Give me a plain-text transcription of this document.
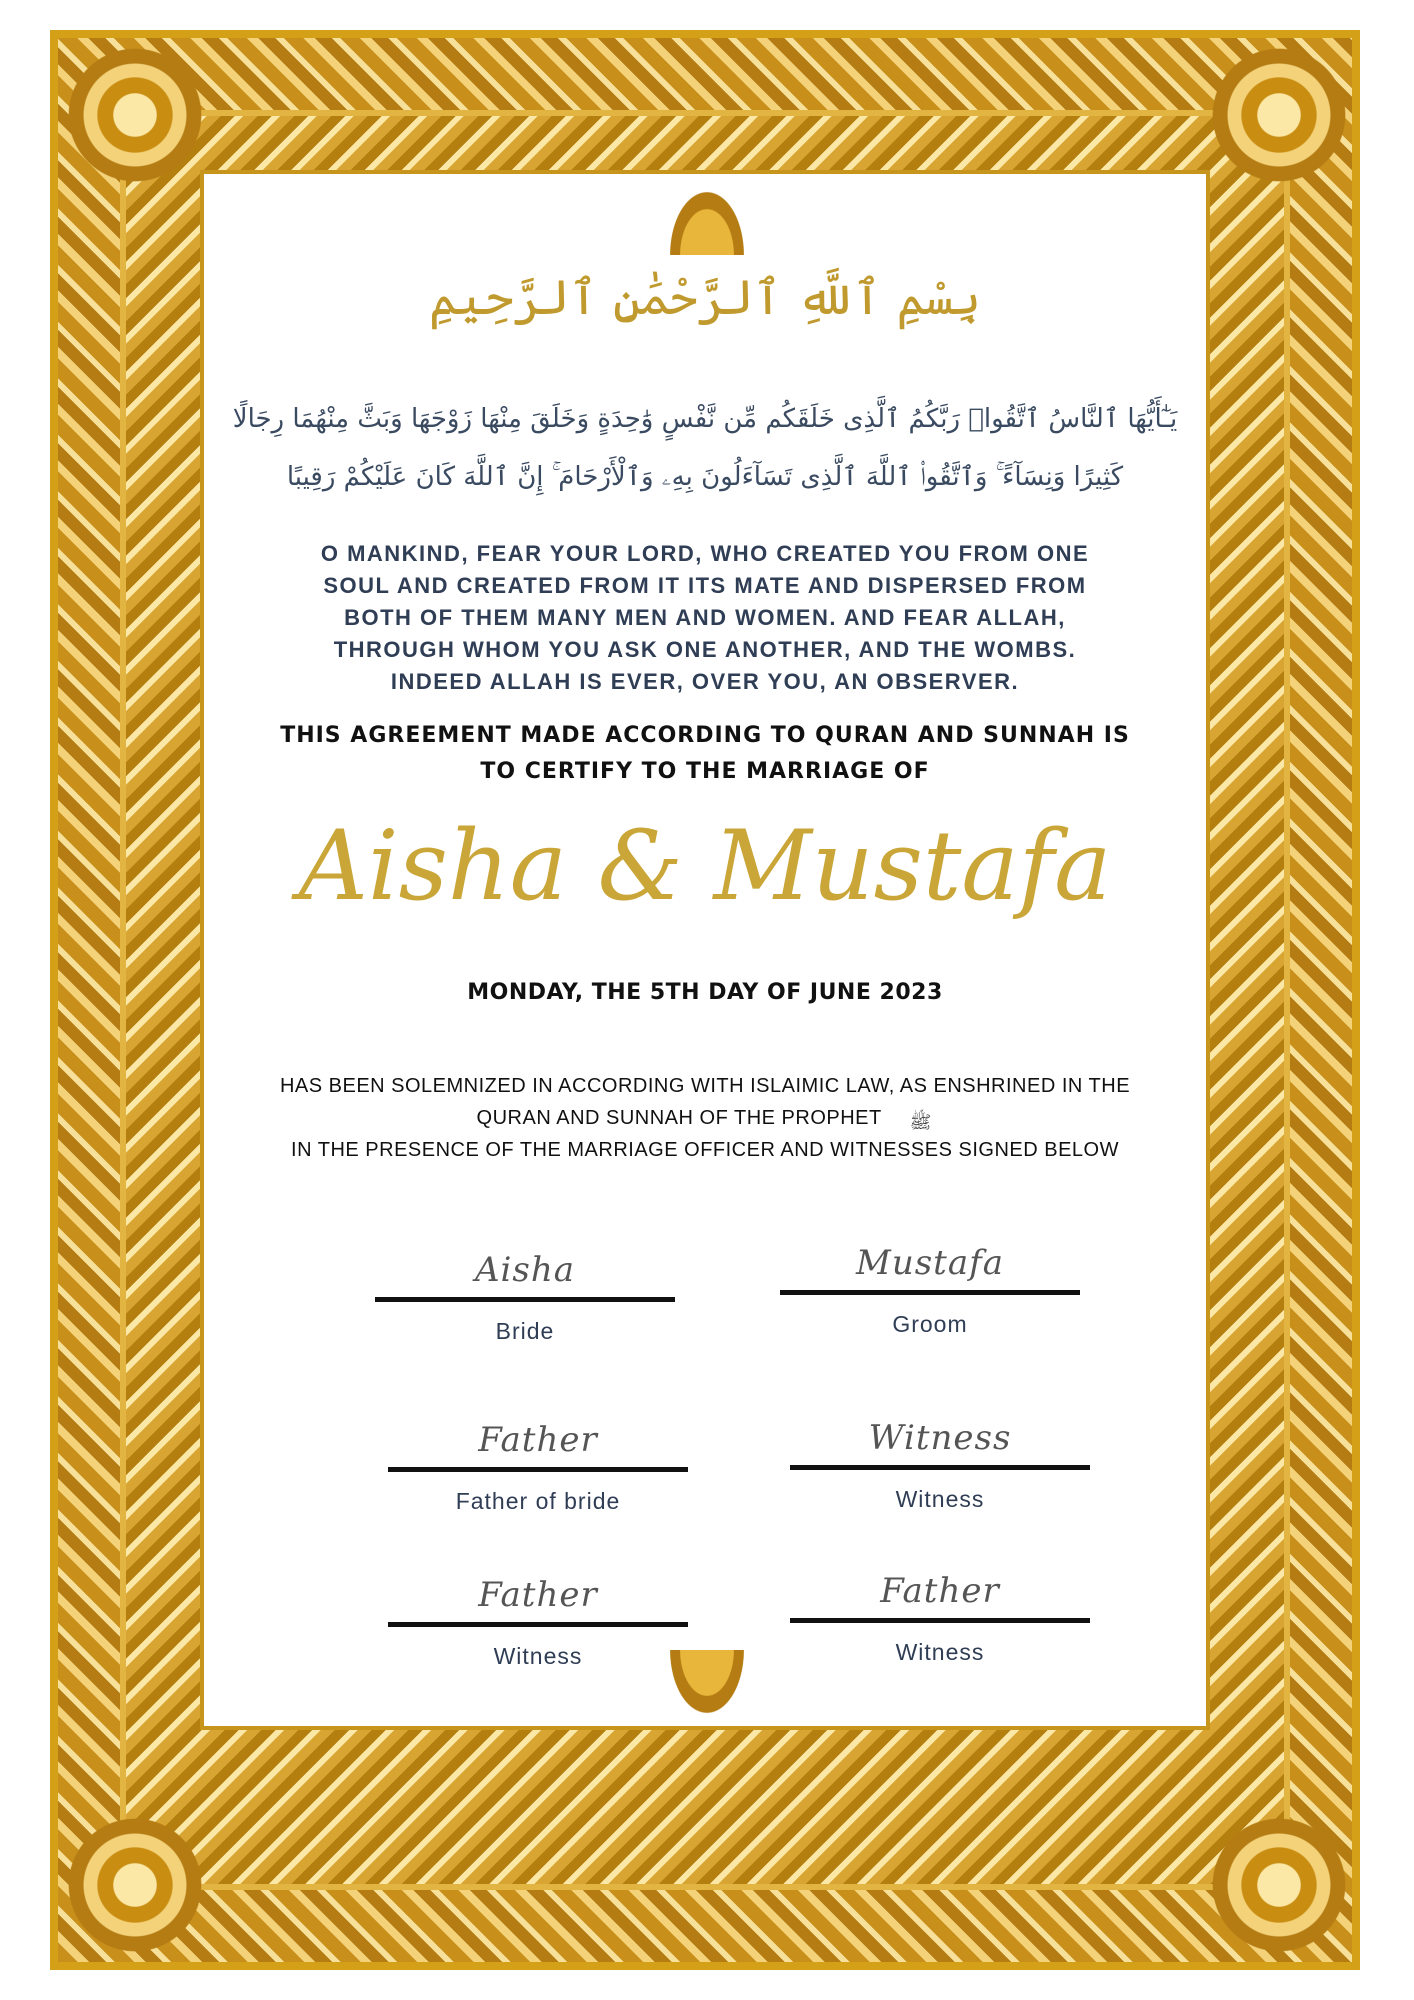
بِسْمِ ٱللَّهِ ٱلرَّحْمَٰنِ ٱلرَّحِيمِ
يَـٰٓأَيُّهَا ٱلنَّاسُ ٱتَّقُوا۟ رَبَّكُمُ ٱلَّذِى خَلَقَكُم مِّن نَّفْسٍ وَٰحِدَةٍ وَخَلَقَ مِنْهَا زَوْجَهَا وَبَثَّ مِنْهُمَا رِجَالًا
كَثِيرًا وَنِسَآءً ۚ وَٱتَّقُوا۟ ٱللَّهَ ٱلَّذِى تَسَآءَلُونَ بِهِۦ وَٱلْأَرْحَامَ ۚ إِنَّ ٱللَّهَ كَانَ عَلَيْكُمْ رَقِيبًا
O MANKIND, FEAR YOUR LORD, WHO CREATED YOU FROM ONE
SOUL AND CREATED FROM IT ITS MATE AND DISPERSED FROM
BOTH OF THEM MANY MEN AND WOMEN. AND FEAR ALLAH,
THROUGH WHOM YOU ASK ONE ANOTHER, AND THE WOMBS.
INDEED ALLAH IS EVER, OVER YOU, AN OBSERVER.
THIS AGREEMENT MADE ACCORDING TO QURAN AND SUNNAH IS
TO CERTIFY TO THE MARRIAGE OF
Aisha & Mustafa
MONDAY, THE 5TH DAY OF JUNE 2023
HAS BEEN SOLEMNIZED IN ACCORDING WITH ISLAIMIC LAW, AS ENSHRINED IN THE
QURAN AND SUNNAH OF THE PROPHET ﷺ
IN THE PRESENCE OF THE MARRIAGE OFFICER AND WITNESSES SIGNED BELOW
Aisha
Bride
Mustafa
Groom
Father
Father of bride
Witness
Witness
Father
Witness
Father
Witness
